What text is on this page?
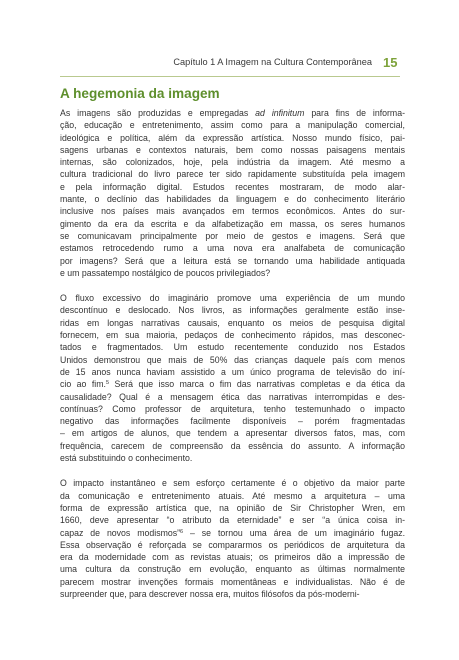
Capítulo 1 A Imagem na Cultura Contemporânea 15
A hegemonia da imagem

As imagens são produzidas e empregadas ad infinitum para fins de informa-
ção, educação e entretenimento, assim como para a manipulação comercial,
ideológica e política, além da expressão artística. Nosso mundo físico, pai-
sagens urbanas e contextos naturais, bem como nossas paisagens mentais
internas, são colonizados, hoje, pela indústria da imagem. Até mesmo a
cultura tradicional do livro parece ter sido rapidamente substituída pela imagem
e pela informação digital. Estudos recentes mostraram, de modo alar-
mante, o declínio das habilidades da linguagem e do conhecimento literário
inclusive nos países mais avançados em termos econômicos. Antes do sur-
gimento da era da escrita e da alfabetização em massa, os seres humanos
se comunicavam principalmente por meio de gestos e imagens. Será que
estamos retrocedendo rumo a uma nova era analfabeta de comunicação
por imagens? Será que a leitura está se tornando uma habilidade antiquada
e um passatempo nostálgico de poucos privilegiados?

O fluxo excessivo do imaginário promove uma experiência de um mundo
descontínuo e deslocado. Nos livros, as informações geralmente estão inse-
ridas em longas narrativas causais, enquanto os meios de pesquisa digital
fornecem, em sua maioria, pedaços de conhecimento rápidos, mas desconec-
tados e fragmentados. Um estudo recentemente conduzido nos Estados
Unidos demonstrou que mais de 50% das crianças daquele país com menos
de 15 anos nunca haviam assistido a um único programa de televisão do iní-
cio ao fim.$^5$ Será que isso marca o fim das narrativas completas e da ética da
causalidade? Qual é a mensagem ética das narrativas interrompidas e des-
contínuas? Como professor de arquitetura, tenho testemunhado o impacto
negativo das informações facilmente disponíveis – porém fragmentadas
– em artigos de alunos, que tendem a apresentar diversos fatos, mas, com
frequência, carecem de compreensão da essência do assunto. A informação
está substituindo o conhecimento.

O impacto instantâneo e sem esforço certamente é o objetivo da maior parte
da comunicação e entretenimento atuais. Até mesmo a arquitetura – uma
forma de expressão artística que, na opinião de Sir Christopher Wren, em
1660, deve apresentar “o atributo da eternidade” e ser “a única coisa in-
capaz de novos modismos”$^6$ – se tornou uma área de um imaginário fugaz.
Essa observação é reforçada se compararmos os periódicos de arquitetura da
era da modernidade com as revistas atuais; os primeiros dão a impressão de
uma cultura da construção em evolução, enquanto as últimas normalmente
parecem mostrar invenções formais momentâneas e individualistas. Não é de
surpreender que, para descrever nossa era, muitos filósofos da pós-moderni-
